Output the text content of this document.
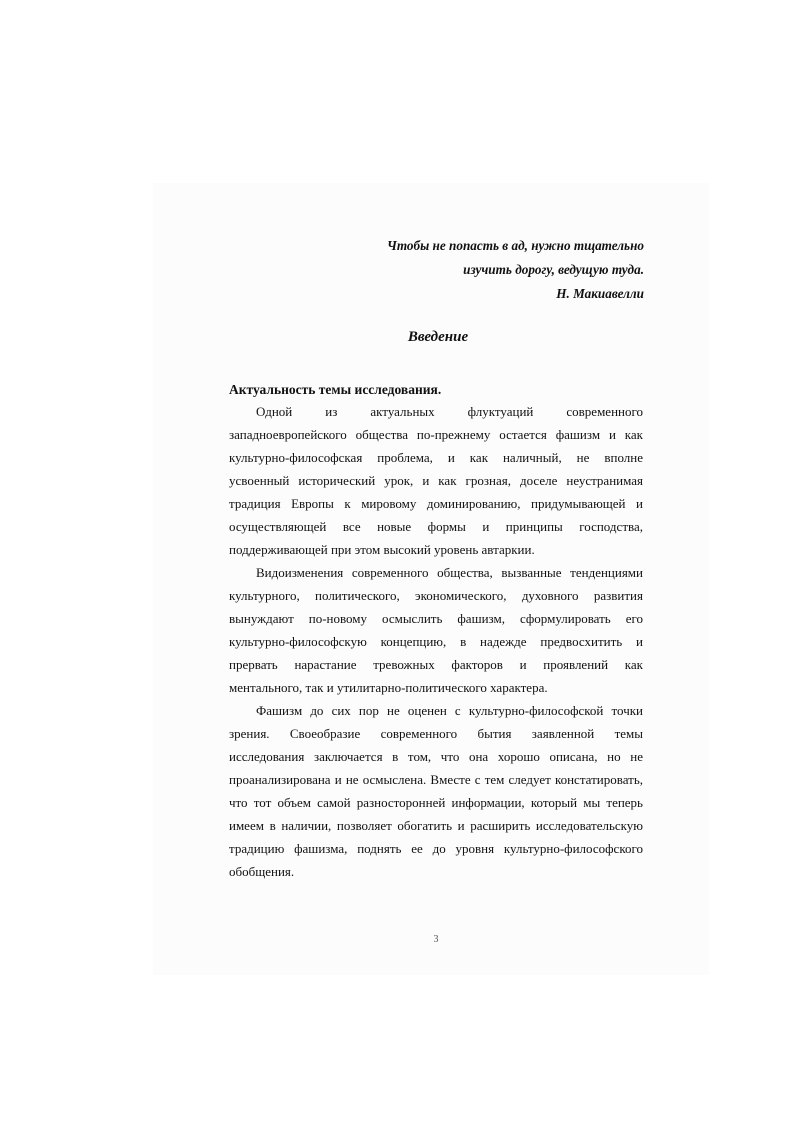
Чтобы не попасть в ад, нужно тщательно
изучить дорогу, ведущую туда.
Н. Макиавелли
Введение
Актуальность темы исследования.
Одной из актуальных флуктуаций современного
западноевропейского общества по-прежнему остается фашизм и как
культурно-философская проблема, и как наличный, не вполне
усвоенный исторический урок, и как грозная, доселе неустранимая
традиция Европы к мировому доминированию, придумывающей и
осуществляющей все новые формы и принципы господства,
поддерживающей при этом высокий уровень автаркии.
Видоизменения современного общества, вызванные тенденциями
культурного, политического, экономического, духовного развития
вынуждают по-новому осмыслить фашизм, сформулировать его
культурно-философскую концепцию, в надежде предвосхитить и
прервать нарастание тревожных факторов и проявлений как
ментального, так и утилитарно-политического характера.
Фашизм до сих пор не оценен с культурно-философской точки
зрения. Своеобразие современного бытия заявленной темы
исследования заключается в том, что она хорошо описана, но не
проанализирована и не осмыслена. Вместе с тем следует констатировать,
что тот объем самой разносторонней информации, который мы теперь
имеем в наличии, позволяет обогатить и расширить исследовательскую
традицию фашизма, поднять ее до уровня культурно-философского
обобщения.
3
